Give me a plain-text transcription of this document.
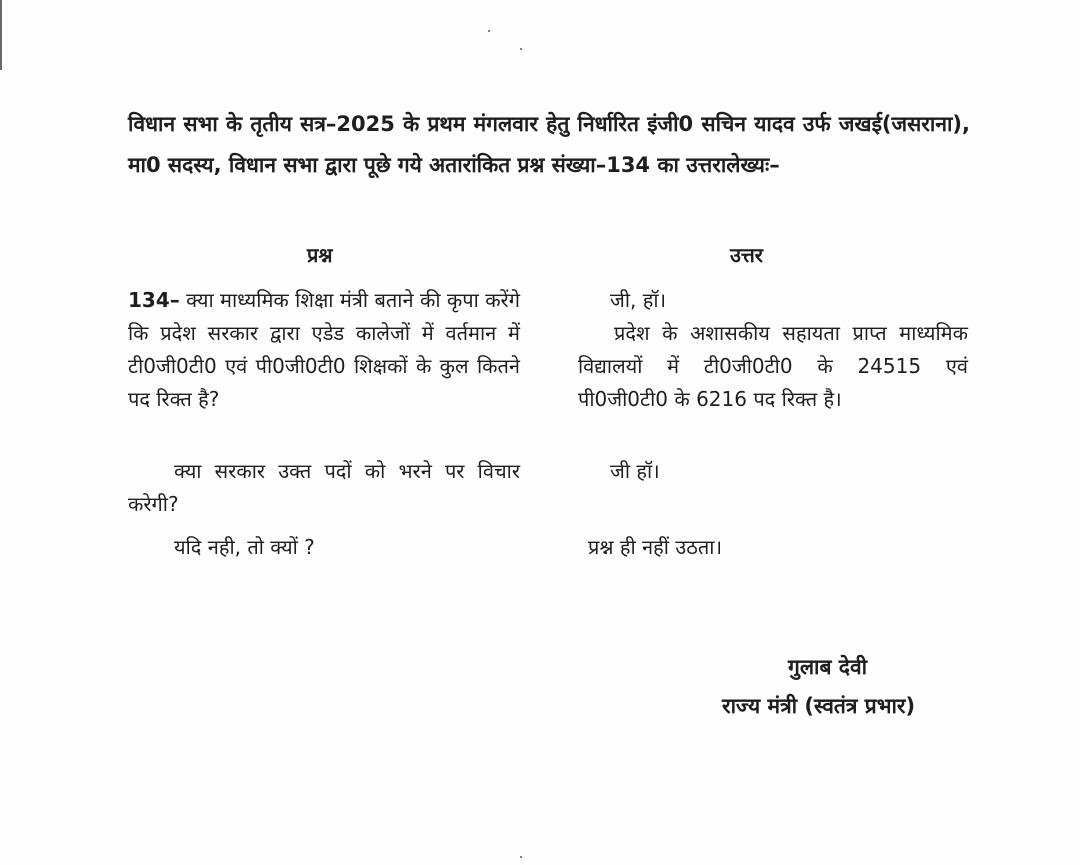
विधान सभा के तृतीय सत्र–2025 के प्रथम मंगलवार हेतु निर्धारित इंजी0 सचिन यादव उर्फ जखई(जसराना), मा0 सदस्य, विधान सभा द्वारा पूछे गये अतारांकित प्रश्न संख्या–134 का उत्तरालेख्यः–

प्रश्न	उत्तर

134– क्या माध्यमिक शिक्षा मंत्री बताने की कृपा करेंगे कि प्रदेश सरकार द्वारा एडेड कालेजों में वर्तमान में टी0जी0टी0 एवं पी0जी0टी0 शिक्षकों के कुल कितने पद रिक्त है?

क्या सरकार उक्त पदों को भरने पर विचार करेगी?

यदि नही, तो क्यों ?

जी, हॉ।

प्रदेश के अशासकीय सहायता प्राप्त माध्यमिक विद्यालयों में टी0जी0टी0 के 24515 एवं पी0जी0टी0 के 6216 पद रिक्त है।

जी हॉ।

प्रश्न ही नहीं उठता।

गुलाब देवी

राज्य मंत्री (स्वतंत्र प्रभार)
